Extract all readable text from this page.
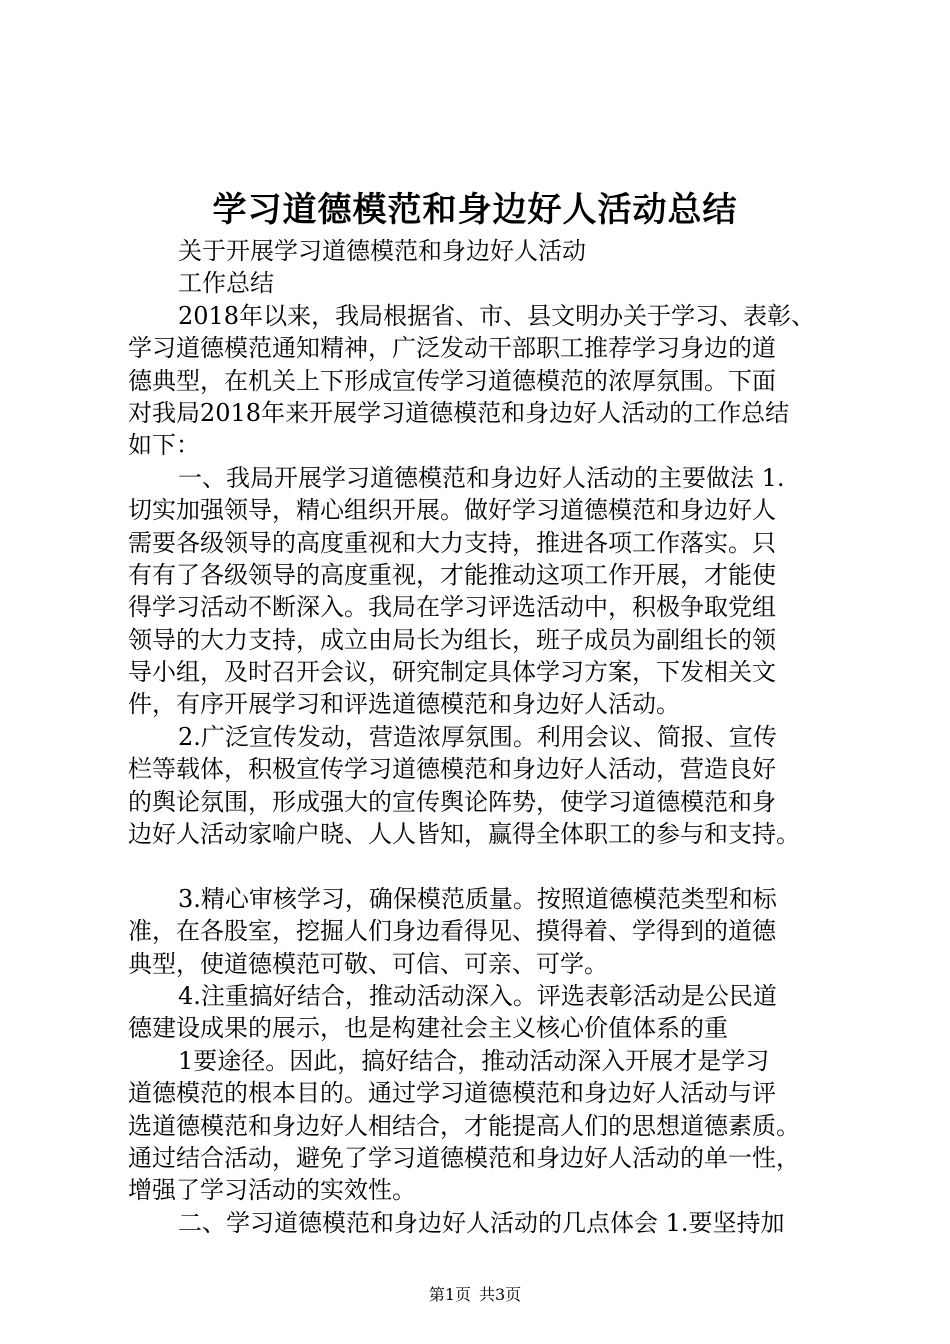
学习道德模范和身边好人活动总结
关于开展学习道德模范和身边好人活动
工作总结
2018年以来，我局根据省、市、县文明办关于学习、表彰、
学习道德模范通知精神，广泛发动干部职工推荐学习身边的道
德典型，在机关上下形成宣传学习道德模范的浓厚氛围。下面
对我局2018年来开展学习道德模范和身边好人活动的工作总结
如下：
一、我局开展学习道德模范和身边好人活动的主要做法 1.
切实加强领导，精心组织开展。做好学习道德模范和身边好人
需要各级领导的高度重视和大力支持，推进各项工作落实。只
有有了各级领导的高度重视，才能推动这项工作开展，才能使
得学习活动不断深入。我局在学习评选活动中，积极争取党组
领导的大力支持，成立由局长为组长，班子成员为副组长的领
导小组，及时召开会议，研究制定具体学习方案，下发相关文
件，有序开展学习和评选道德模范和身边好人活动。
2.广泛宣传发动，营造浓厚氛围。利用会议、简报、宣传
栏等载体，积极宣传学习道德模范和身边好人活动，营造良好
的舆论氛围，形成强大的宣传舆论阵势，使学习道德模范和身
边好人活动家喻户晓、人人皆知，赢得全体职工的参与和支持。
3.精心审核学习，确保模范质量。按照道德模范类型和标
准，在各股室，挖掘人们身边看得见、摸得着、学得到的道德
典型，使道德模范可敬、可信、可亲、可学。
4.注重搞好结合，推动活动深入。评选表彰活动是公民道
德建设成果的展示，也是构建社会主义核心价值体系的重
1要途径。因此，搞好结合，推动活动深入开展才是学习
道德模范的根本目的。通过学习道德模范和身边好人活动与评
选道德模范和身边好人相结合，才能提高人们的思想道德素质。
通过结合活动，避免了学习道德模范和身边好人活动的单一性，
增强了学习活动的实效性。
二、学习道德模范和身边好人活动的几点体会 1.要坚持加
第1页 共3页
